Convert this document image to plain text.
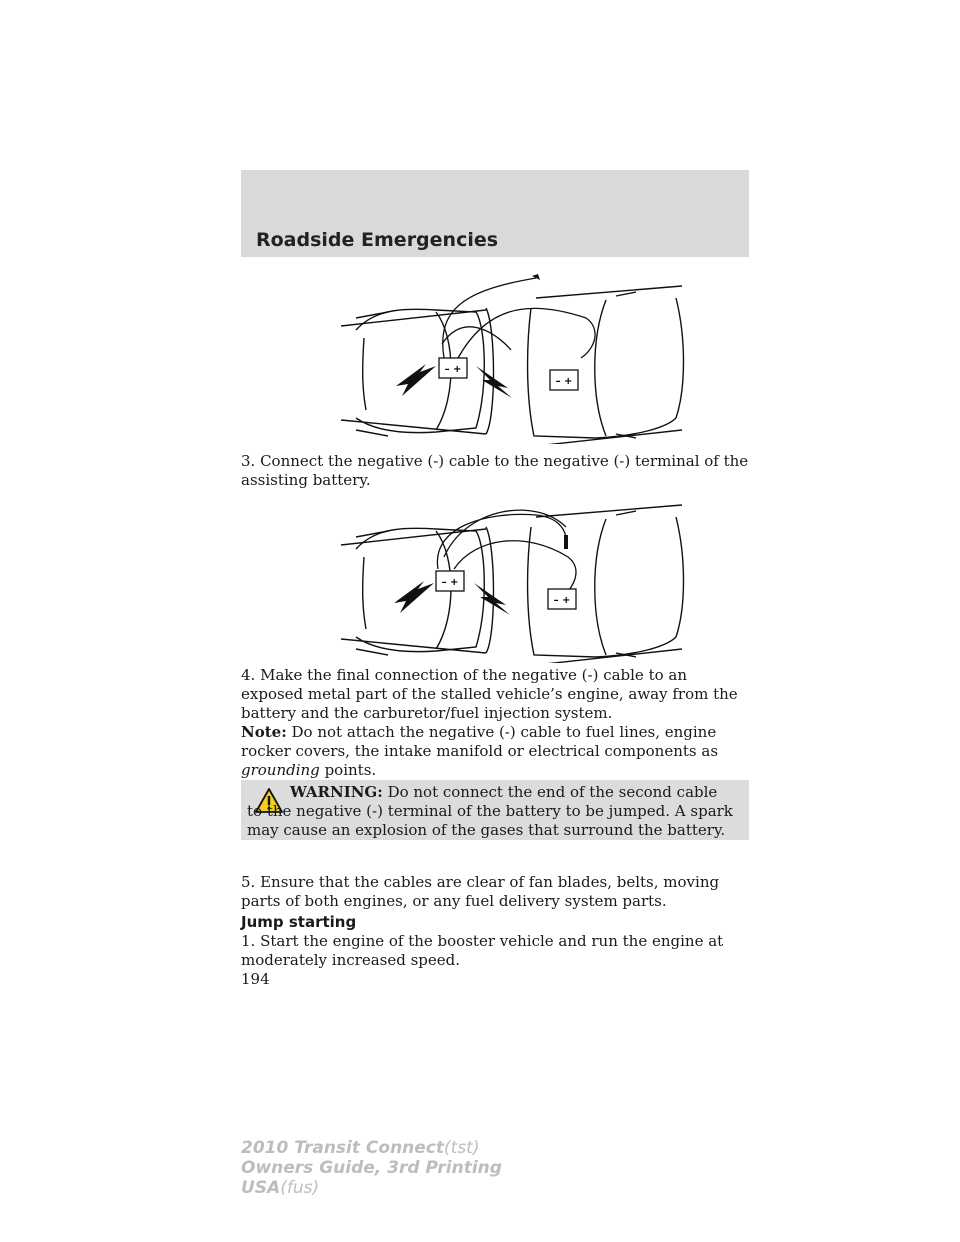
Roadside Emergencies
– +
– +
3. Connect the negative (-) cable to the negative (-) terminal of the assisting battery.
– +
– +
4. Make the final connection of the negative (-) cable to an exposed metal part of the stalled vehicle’s engine, away from the battery and the carburetor/fuel injection system.

Note: Do not attach the negative (-) cable to fuel lines, engine rocker covers, the intake manifold or electrical components as grounding points.

WARNING: Do not connect the end of the second cable to the negative (-) terminal of the battery to be jumped. A spark may cause an explosion of the gases that surround the battery.

5. Ensure that the cables are clear of fan blades, belts, moving parts of both engines, or any fuel delivery system parts.
Jump starting
1. Start the engine of the booster vehicle and run the engine at moderately increased speed.
194
2010 Transit Connect(tst)
Owners Guide, 3rd Printing
USA(fus)
